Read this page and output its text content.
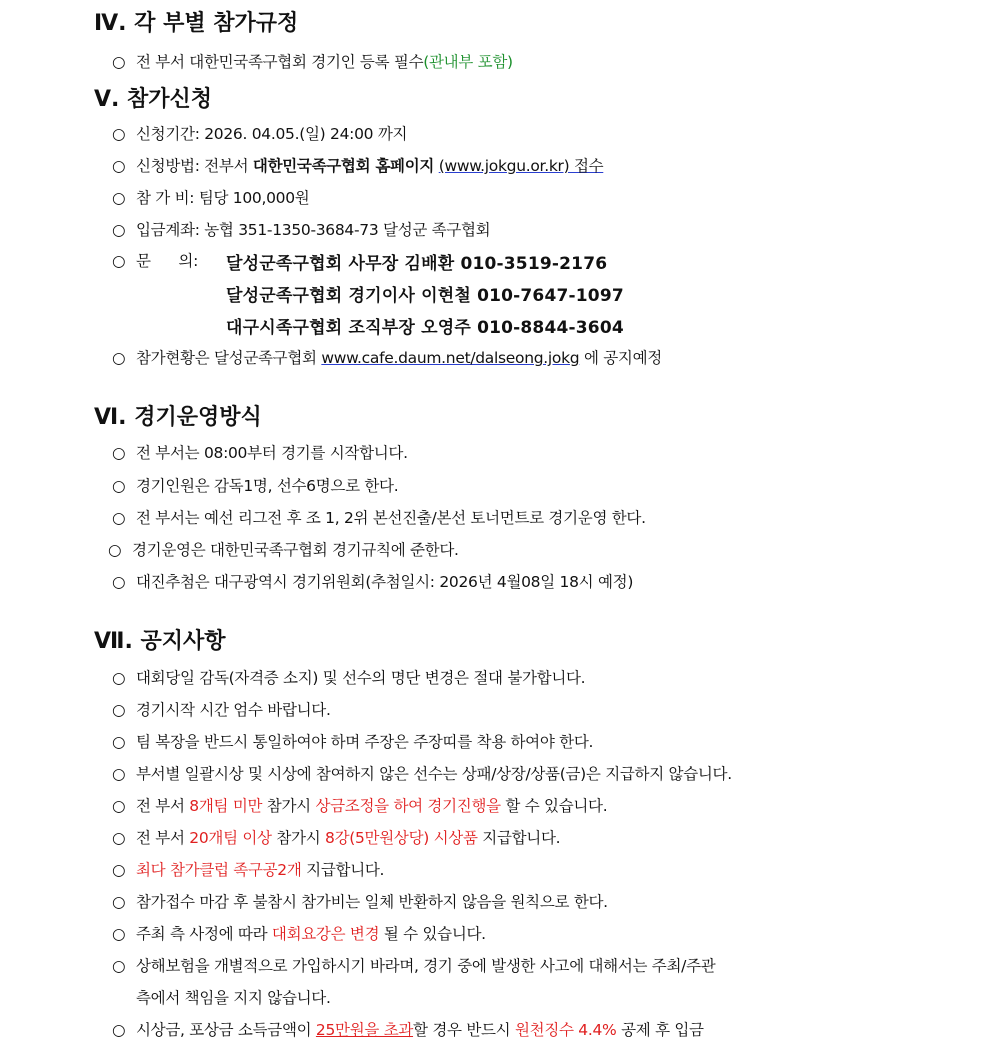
Ⅳ. 각 부별 참가규정
○ 전 부서 대한민국족구협회 경기인 등록 필수(관내부 포함)
Ⅴ. 참가신청
○ 신청기간: 2026. 04.05.(일) 24:00 까지
○ 신청방법: 전부서 대한민국족구협회 홈페이지 (www.jokgu.or.kr) 접수
○ 참 가 비: 팀당 100,000원
○ 입금계좌: 농협 351-1350-3684-73 달성군 족구협회
○ 문      의: 달성군족구협회 사무장 김배환 010-3519-2176
달성군족구협회 경기이사 이현철 010-7647-1097
대구시족구협회 조직부장 오영주 010-8844-3604
○ 참가현황은 달성군족구협회 www.cafe.daum.net/dalseong.jokg 에 공지예정
Ⅵ. 경기운영방식
○ 전 부서는 08:00부터 경기를 시작합니다.
○ 경기인원은 감독1명, 선수6명으로 한다.
○ 전 부서는 예선 리그전 후 조 1, 2위 본선진출/본선 토너먼트로 경기운영 한다.
○ 경기운영은 대한민국족구협회 경기규칙에 준한다.
○ 대진추첨은 대구광역시 경기위원회(추첨일시: 2026년 4월08일 18시 예정)
Ⅶ. 공지사항
○ 대회당일 감독(자격증 소지) 및 선수의 명단 변경은 절대 불가합니다.
○ 경기시작 시간 엄수 바랍니다.
○ 팀 복장을 반드시 통일하여야 하며 주장은 주장띠를 착용 하여야 한다.
○ 부서별 일괄시상 및 시상에 참여하지 않은 선수는 상패/상장/상품(금)은 지급하지 않습니다.
○ 전 부서 8개팀 미만 참가시 상금조정을 하여 경기진행을 할 수 있습니다.
○ 전 부서 20개팀 이상 참가시 8강(5만원상당) 시상품 지급합니다.
○ 최다 참가클럽 족구공2개 지급합니다.
○ 참가접수 마감 후 불참시 참가비는 일체 반환하지 않음을 원칙으로 한다.
○ 주최 측 사정에 따라 대회요강은 변경 될 수 있습니다.
○ 상해보험을 개별적으로 가입하시기 바라며, 경기 중에 발생한 사고에 대해서는 주최/주관
측에서 책임을 지지 않습니다.
○ 시상금, 포상금 소득금액이 25만원을 초과할 경우 반드시 원천징수 4.4% 공제 후 입금
